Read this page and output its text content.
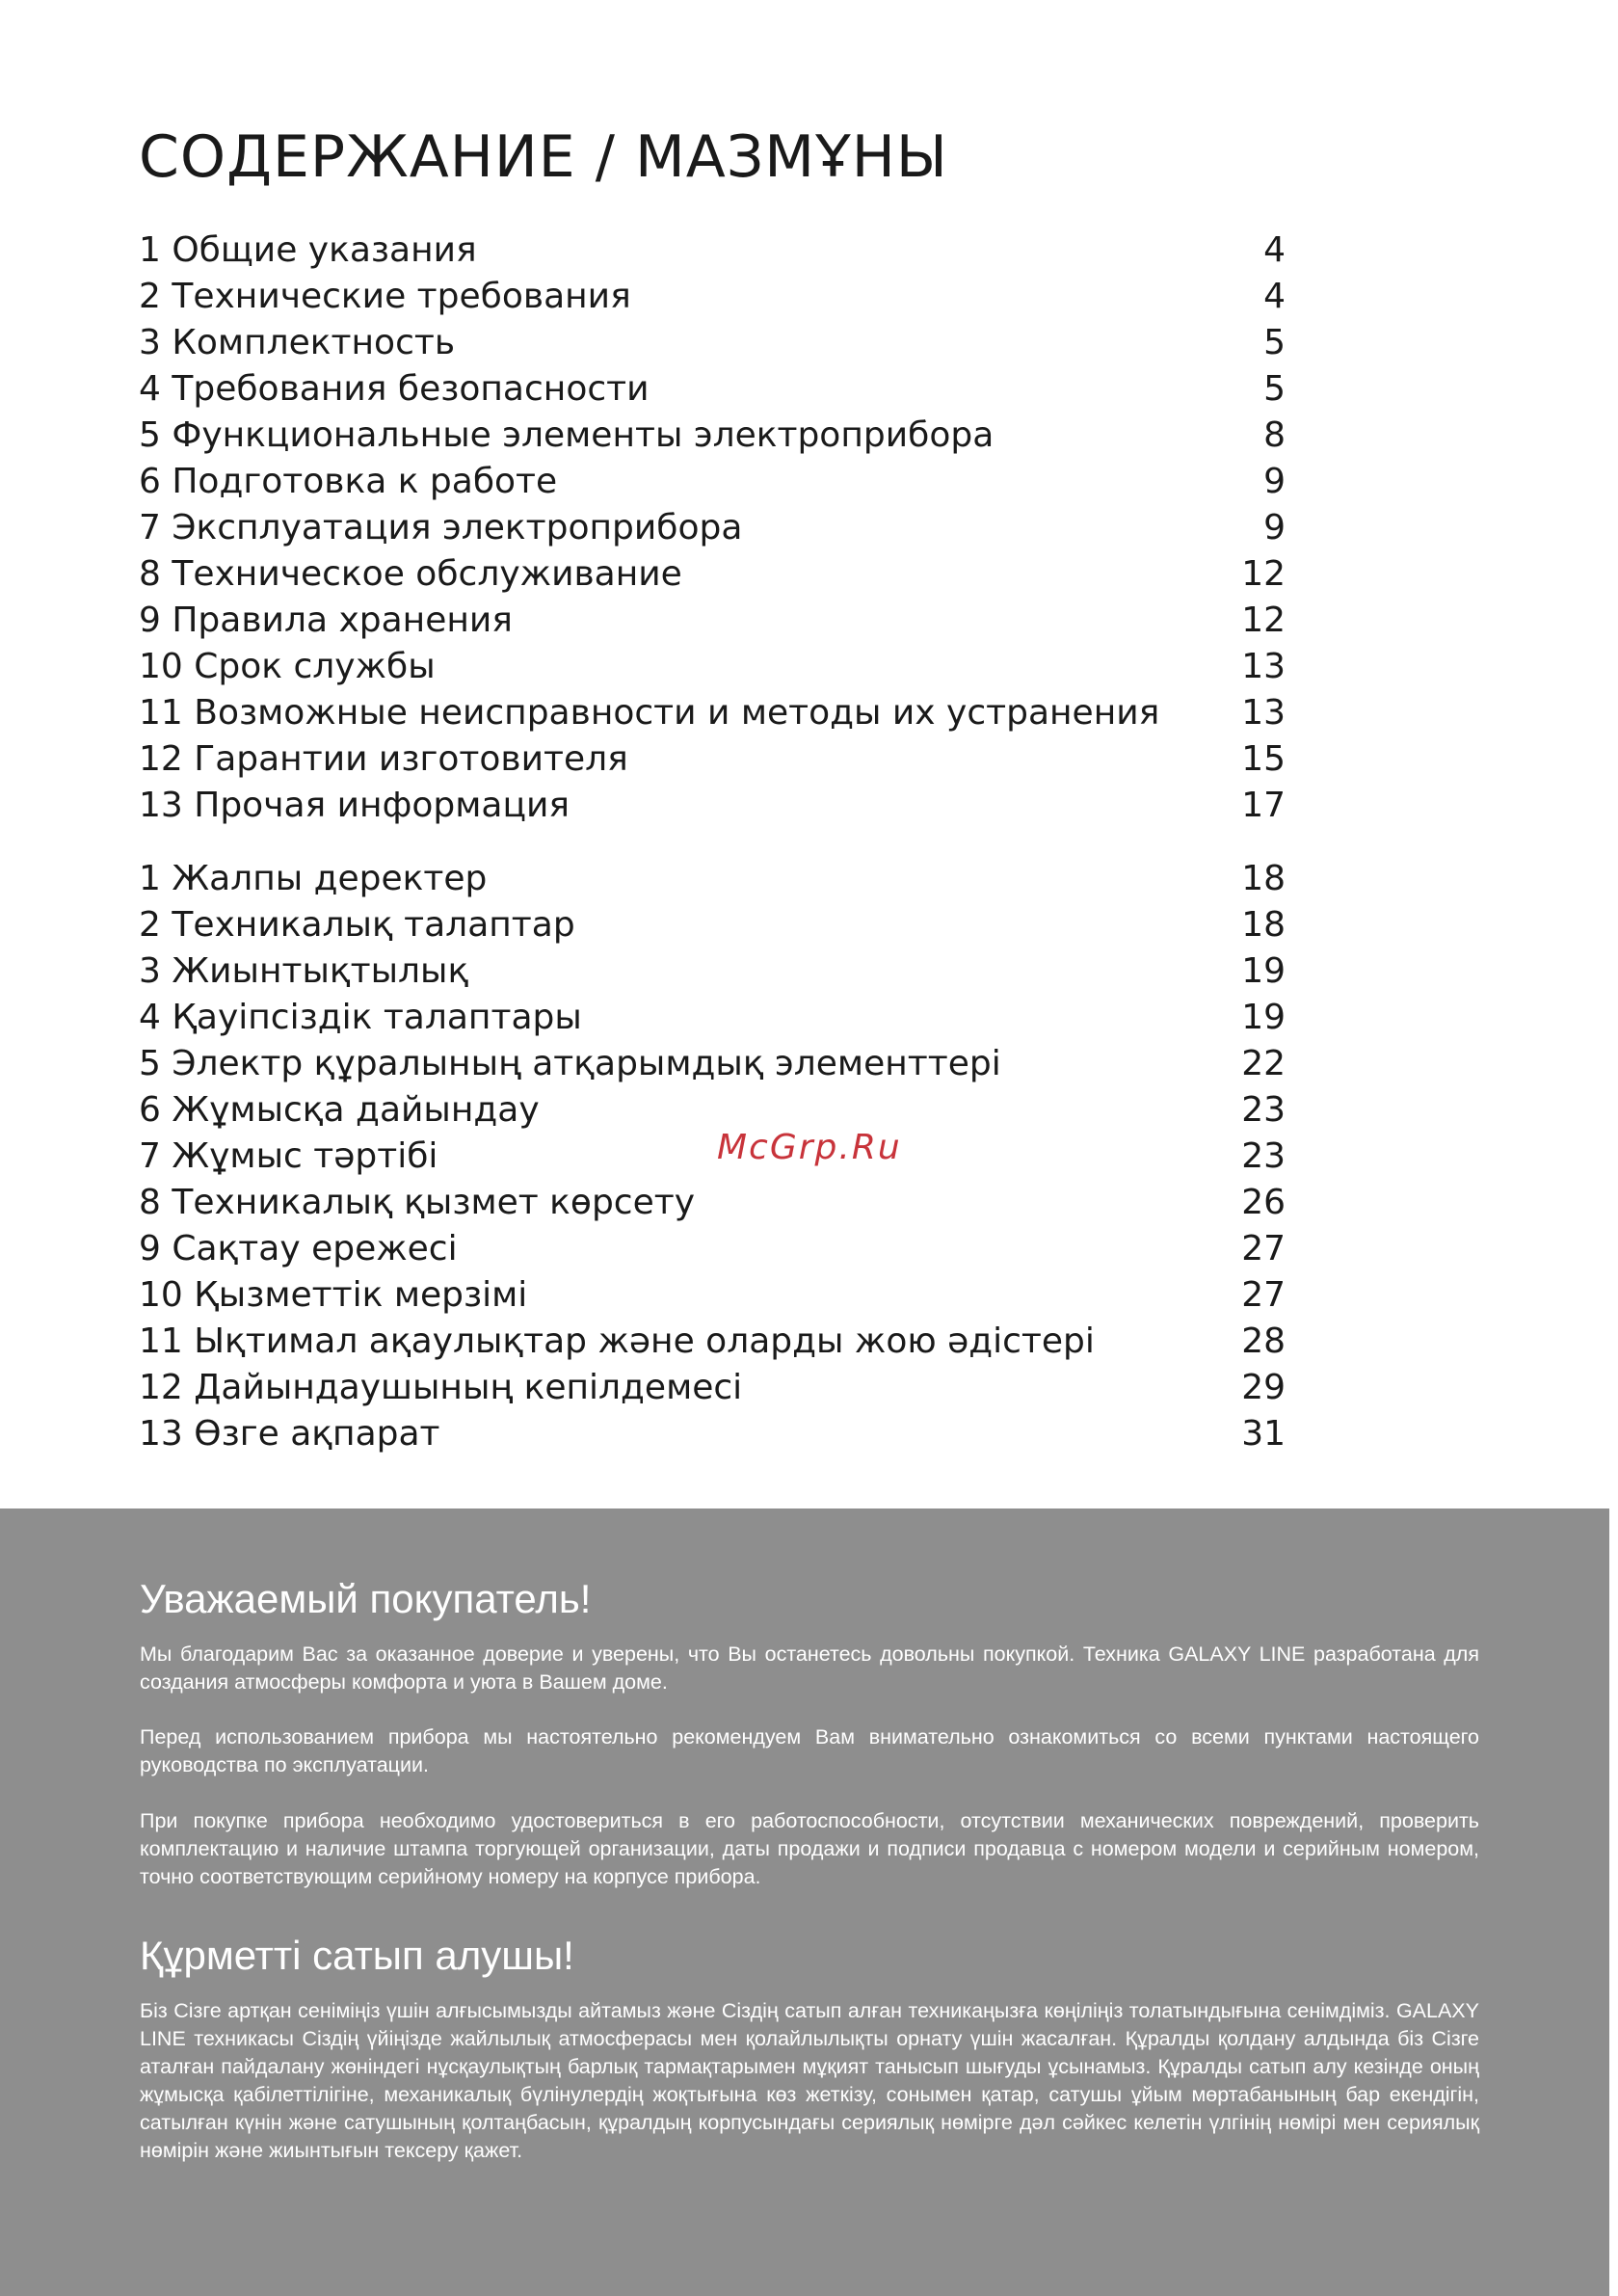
СОДЕРЖАНИЕ / МАЗМҰНЫ
1 Общие указания	4
2 Технические требования	4
3 Комплектность	5
4 Требования безопасности	5
5 Функциональные элементы электроприбора	8
6 Подготовка к работе	9
7 Эксплуатация электроприбора	9
8 Техническое обслуживание	12
9 Правила хранения	12
10 Срок службы	13
11 Возможные неисправности и методы их устранения 13
12 Гарантии изготовителя	15
13 Прочая информация	17
1 Жалпы деректер	18
2 Техникалық талаптар	18
3 Жиынтықтылық	19
4 Қауіпсіздік талаптары	19
5 Электр құралының атқарымдық элементтері	22
6 Жұмысқа дайындау	23
7 Жұмыс тәртібі	23
8 Техникалық қызмет көрсету	26
9 Сақтау ережесі	27
10 Қызметтік мерзімі	27
11 Ықтимал ақаулықтар және оларды жою әдістері	28
12 Дайындаушының кепілдемесі	29
13 Өзге ақпарат	31
McGrp.Ru
Уважаемый покупатель!

Мы благодарим Вас за оказанное доверие и уверены, что Вы останетесь довольны покупкой. Техника GALAXY LINE разработана для создания атмосферы комфорта и уюта в Вашем доме.

Перед использованием прибора мы настоятельно рекомендуем Вам внимательно ознакомиться со всеми пунктами настоящего руководства по эксплуатации.

При покупке прибора необходимо удостовериться в его работоспособности, отсутствии механических повреждений, проверить комплектацию и наличие штампа торгующей организации, даты продажи и подписи продавца с номером модели и серийным номером, точно соответствующим серийному номеру на корпусе прибора.

Құрметті сатып алушы!

Біз Сізге артқан сеніміңіз үшін алғысымызды айтамыз және Сіздің сатып алған техникаңызға көңіліңіз толатындығына сенімдіміз. GALAXY LINE техникасы Сіздің үйіңізде жайлылық атмосферасы мен қолайлылықты орнату үшін жасалған. Құралды қолдану алдында біз Сізге аталған пайдалану жөніндегі нұсқаулықтың барлық тармақтарымен мұқият танысып шығуды ұсынамыз. Құралды сатып алу кезінде оның жұмысқа қабілеттілігіне, механикалық бүлінулердің жоқтығына көз жеткізу, сонымен қатар, сатушы ұйым мөртабанының бар екендігін, сатылған күнін және сатушының қолтаңбасын, құралдың корпусындағы сериялық нөмірге дәл сәйкес келетін үлгінің нөмірі мен сериялық нөмірін және жиынтығын тексеру қажет.
